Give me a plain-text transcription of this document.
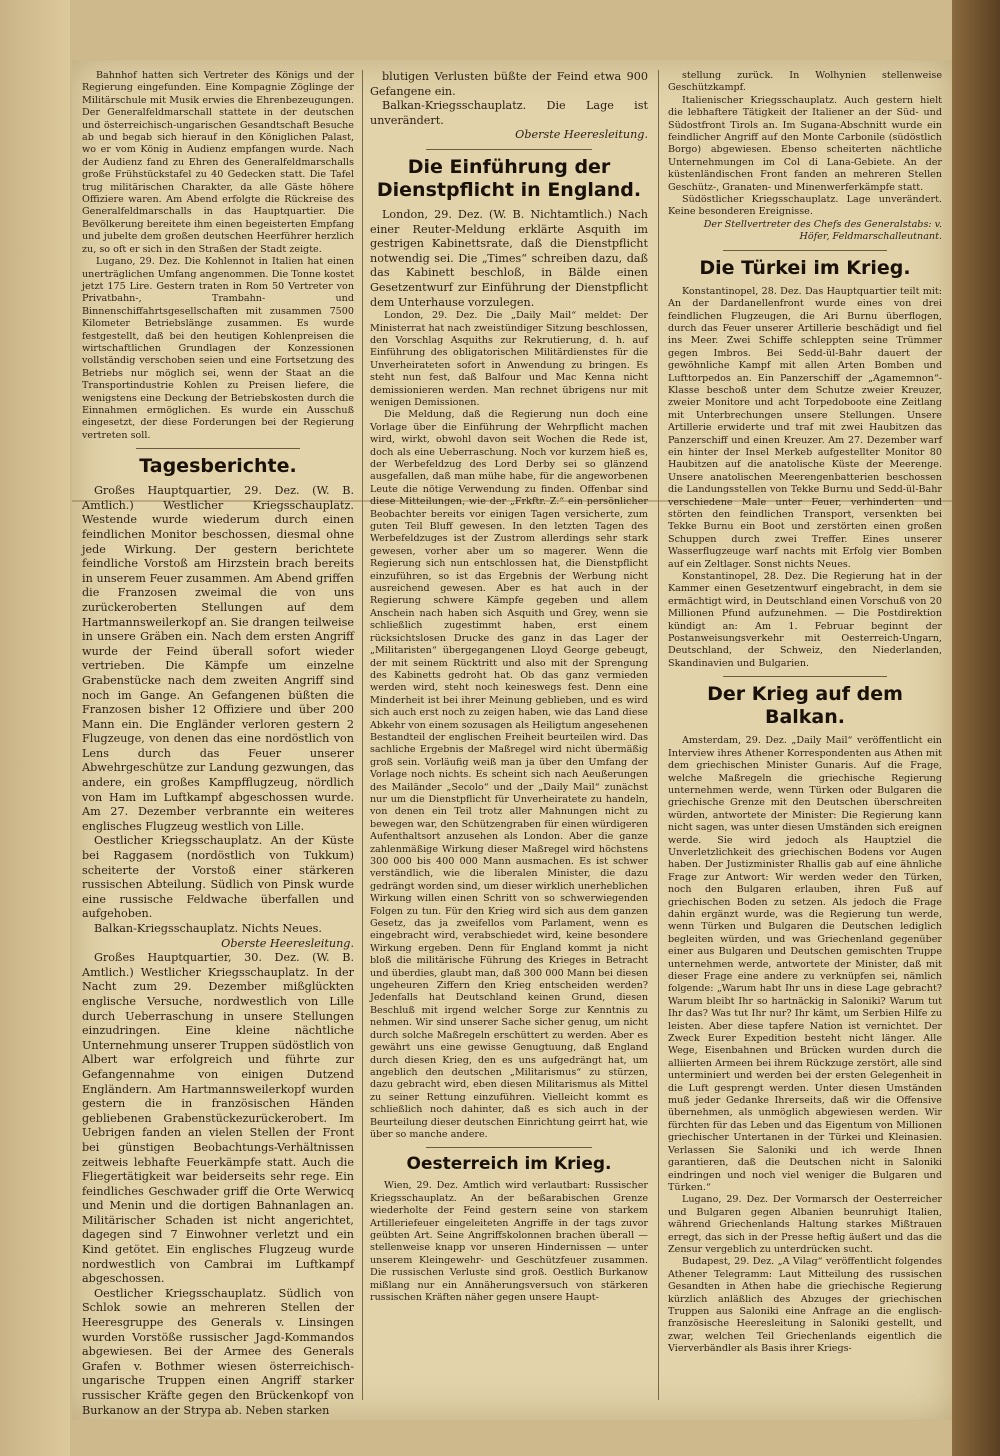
Bahnhof hatten sich Vertreter des Königs und der Regierung eingefunden. Eine Kompagnie Zöglinge der Militärschule mit Musik erwies die Ehrenbezeugungen. Der Generalfeldmarschall stattete in der deutschen und österreichisch-ungarischen Gesandtschaft Besuche ab und begab sich hierauf in den Königlichen Palast, wo er vom König in Audienz empfangen wurde. Nach der Audienz fand zu Ehren des Generalfeldmarschalls große Frühstückstafel zu 40 Gedecken statt. Die Tafel trug militärischen Charakter, da alle Gäste höhere Offiziere waren. Am Abend erfolgte die Rückreise des Generalfeldmarschalls in das Hauptquartier. Die Bevölkerung bereitete ihm einen begeisterten Empfang und jubelte dem großen deutschen Heerführer herzlich zu, so oft er sich in den Straßen der Stadt zeigte.

Lugano, 29. Dez. Die Kohlennot in Italien hat einen unerträglichen Umfang angenommen. Die Tonne kostet jetzt 175 Lire. Gestern traten in Rom 50 Vertreter von Privatbahn-, Trambahn- und Binnenschiffahrtsgesellschaften mit zusammen 7500 Kilometer Betriebslänge zusammen. Es wurde festgestellt, daß bei den heutigen Kohlenpreisen die wirtschaftlichen Grundlagen der Konzessionen vollständig verschoben seien und eine Fortsetzung des Betriebs nur möglich sei, wenn der Staat an die Transportindustrie Kohlen zu Preisen liefere, die wenigstens eine Deckung der Betriebskosten durch die Einnahmen ermöglichen. Es wurde ein Ausschuß eingesetzt, der diese Forderungen bei der Regierung vertreten soll.

Tagesberichte.

Großes Hauptquartier, 29. Dez. (W. B. Amtlich.) Westlicher Kriegsschauplatz. Westende wurde wiederum durch einen feindlichen Monitor beschossen, diesmal ohne jede Wirkung. Der gestern berichtete feindliche Vorstoß am Hirzstein brach bereits in unserem Feuer zusammen. Am Abend griffen die Franzosen zweimal die von uns zurückeroberten Stellungen auf dem Hartmannsweilerkopf an. Sie drangen teilweise in unsere Gräben ein. Nach dem ersten Angriff wurde der Feind überall sofort wieder vertrieben. Die Kämpfe um einzelne Grabenstücke nach dem zweiten Angriff sind noch im Gange. An Gefangenen büßten die Franzosen bisher 12 Offiziere und über 200 Mann ein. Die Engländer verloren gestern 2 Flugzeuge, von denen das eine nordöstlich von Lens durch das Feuer unserer Abwehrgeschütze zur Landung gezwungen, das andere, ein großes Kampfflugzeug, nördlich von Ham im Luftkampf abgeschossen wurde. Am 27. Dezember verbrannte ein weiteres englisches Flugzeug westlich von Lille.

Oestlicher Kriegsschauplatz. An der Küste bei Raggasem (nordöstlich von Tukkum) scheiterte der Vorstoß einer stärkeren russischen Abteilung. Südlich von Pinsk wurde eine russische Feldwache überfallen und aufgehoben.

Balkan-Kriegsschauplatz. Nichts Neues.

Oberste Heeresleitung.

Großes Hauptquartier, 30. Dez. (W. B. Amtlich.) Westlicher Kriegsschauplatz. In der Nacht zum 29. Dezember mißglückten englische Versuche, nordwestlich von Lille durch Ueberraschung in unsere Stellungen einzudringen. Eine kleine nächtliche Unternehmung unserer Truppen südöstlich von Albert war erfolgreich und führte zur Gefangennahme von einigen Dutzend Engländern. Am Hartmannsweilerkopf wurden gestern die in französischen Händen gebliebenen Grabenstückezurückerobert. Im Uebrigen fanden an vielen Stellen der Front bei günstigen Beobachtungs-Verhältnissen zeitweis lebhafte Feuerkämpfe statt. Auch die Fliegertätigkeit war beiderseits sehr rege. Ein feindliches Geschwader griff die Orte Werwicq und Menin und die dortigen Bahnanlagen an. Militärischer Schaden ist nicht angerichtet, dagegen sind 7 Einwohner verletzt und ein Kind getötet. Ein englisches Flugzeug wurde nordwestlich von Cambrai im Luftkampf abgeschossen.

Oestlicher Kriegsschauplatz. Südlich von Schlok sowie an mehreren Stellen der Heeresgruppe des Generals v. Linsingen wurden Vorstöße russischer Jagd-Kommandos abgewiesen. Bei der Armee des Generals Grafen v. Bothmer wiesen österreichisch-ungarische Truppen einen Angriff starker russischer Kräfte gegen den Brückenkopf von Burkanow an der Strypa ab. Neben starken

blutigen Verlusten büßte der Feind etwa 900 Gefangene ein.

Balkan-Kriegsschauplatz. Die Lage ist unverändert.

Oberste Heeresleitung.

Die Einführung der Dienstpflicht in England.

London, 29. Dez. (W. B. Nichtamtlich.) Nach einer Reuter-Meldung erklärte Asquith im gestrigen Kabinettsrate, daß die Dienstpflicht notwendig sei. Die „Times“ schreiben dazu, daß das Kabinett beschloß, in Bälde einen Gesetzentwurf zur Einführung der Dienstpflicht dem Unterhause vorzulegen.

London, 29. Dez. Die „Daily Mail“ meldet: Der Ministerrat hat nach zweistündiger Sitzung beschlossen, den Vorschlag Asquiths zur Rekrutierung, d. h. auf Einführung des obligatorischen Militärdienstes für die Unverheirateten sofort in Anwendung zu bringen. Es steht nun fest, daß Balfour und Mac Kenna nicht demissionieren werden. Man rechnet übrigens nur mit wenigen Demissionen.

Die Meldung, daß die Regierung nun doch eine Vorlage über die Einführung der Wehrpflicht machen wird, wirkt, obwohl davon seit Wochen die Rede ist, doch als eine Ueberraschung. Noch vor kurzem hieß es, der Werbefeldzug des Lord Derby sei so glänzend ausgefallen, daß man mühe habe, für die angeworbenen Leute die nötige Verwendung zu finden. Offenbar sind diese Mitteilungen, wie der „Frkftr. Z.“ ein persönlicher Beobachter bereits vor einigen Tagen versicherte, zum guten Teil Bluff gewesen. In den letzten Tagen des Werbefeldzuges ist der Zustrom allerdings sehr stark gewesen, vorher aber um so magerer. Wenn die Regierung sich nun entschlossen hat, die Dienstpflicht einzuführen, so ist das Ergebnis der Werbung nicht ausreichend gewesen. Aber es hat auch in der Regierung schwere Kämpfe gegeben und allem Anschein nach haben sich Asquith und Grey, wenn sie schließlich zugestimmt haben, erst einem rücksichtslosen Drucke des ganz in das Lager der „Militaristen“ übergegangenen Lloyd George gebeugt, der mit seinem Rücktritt und also mit der Sprengung des Kabinetts gedroht hat. Ob das ganz vermieden werden wird, steht noch keineswegs fest. Denn eine Minderheit ist bei ihrer Meinung geblieben, und es wird sich auch erst noch zu zeigen haben, wie das Land diese Abkehr von einem sozusagen als Heiligtum angesehenen Bestandteil der englischen Freiheit beurteilen wird. Das sachliche Ergebnis der Maßregel wird nicht übermäßig groß sein. Vorläufig weiß man ja über den Umfang der Vorlage noch nichts. Es scheint sich nach Aeußerungen des Mailänder „Secolo“ und der „Daily Mail“ zunächst nur um die Dienstpflicht für Unverheiratete zu handeln, von denen ein Teil trotz aller Mahnungen nicht zu bewegen war, den Schützengraben für einen würdigeren Aufenthaltsort anzusehen als London. Aber die ganze zahlenmäßige Wirkung dieser Maßregel wird höchstens 300 000 bis 400 000 Mann ausmachen. Es ist schwer verständlich, wie die liberalen Minister, die dazu gedrängt worden sind, um dieser wirklich unerheblichen Wirkung willen einen Schritt von so schwerwiegenden Folgen zu tun. Für den Krieg wird sich aus dem ganzen Gesetz, das ja zweifellos vom Parlament, wenn es eingebracht wird, verabschiedet wird, keine besondere Wirkung ergeben. Denn für England kommt ja nicht bloß die militärische Führung des Krieges in Betracht und überdies, glaubt man, daß 300 000 Mann bei diesen ungeheuren Ziffern den Krieg entscheiden werden? Jedenfalls hat Deutschland keinen Grund, diesen Beschluß mit irgend welcher Sorge zur Kenntnis zu nehmen. Wir sind unserer Sache sicher genug, um nicht durch solche Maßregeln erschüttert zu werden. Aber es gewährt uns eine gewisse Genugtuung, daß England durch diesen Krieg, den es uns aufgedrängt hat, um angeblich den deutschen „Militarismus“ zu stürzen, dazu gebracht wird, eben diesen Militarismus als Mittel zu seiner Rettung einzuführen. Vielleicht kommt es schließlich noch dahinter, daß es sich auch in der Beurteilung dieser deutschen Einrichtung geirrt hat, wie über so manche andere.

Oesterreich im Krieg.

Wien, 29. Dez. Amtlich wird verlautbart: Russischer Kriegsschauplatz. An der beßarabischen Grenze wiederholte der Feind gestern seine von starkem Artilleriefeuer eingeleiteten Angriffe in der tags zuvor geübten Art. Seine Angriffskolonnen brachen überall — stellenweise knapp vor unseren Hindernissen — unter unserem Kleingewehr- und Geschützfeuer zusammen. Die russischen Verluste sind groß. Oestlich Burkanow mißlang nur ein Annäherungsversuch von stärkeren russischen Kräften näher gegen unsere Haupt-

stellung zurück. In Wolhynien stellenweise Geschützkampf.

Italienischer Kriegsschauplatz. Auch gestern hielt die lebhaftere Tätigkeit der Italiener an der Süd- und Südostfront Tirols an. Im Sugana-Abschnitt wurde ein feindlicher Angriff auf den Monte Carbonile (südöstlich Borgo) abgewiesen. Ebenso scheiterten nächtliche Unternehmungen im Col di Lana-Gebiete. An der küstenländischen Front fanden an mehreren Stellen Geschütz-, Granaten- und Minenwerferkämpfe statt.

Südöstlicher Kriegsschauplatz. Lage unverändert. Keine besonderen Ereignisse.

Der Stellvertreter des Chefs des Generalstabs: v. Höfer, Feldmarschalleutnant.

Die Türkei im Krieg.

Konstantinopel, 28. Dez. Das Hauptquartier teilt mit: An der Dardanellenfront wurde eines von drei feindlichen Flugzeugen, die Ari Burnu überflogen, durch das Feuer unserer Artillerie beschädigt und fiel ins Meer. Zwei Schiffe schleppten seine Trümmer gegen Imbros. Bei Sedd-ül-Bahr dauert der gewöhnliche Kampf mit allen Arten Bomben und Lufttorpedos an. Ein Panzerschiff der „Agamemnon“-Klasse beschoß unter dem Schutze zweier Kreuzer, zweier Monitore und acht Torpedoboote eine Zeitlang mit Unterbrechungen unsere Stellungen. Unsere Artillerie erwiderte und traf mit zwei Haubitzen das Panzerschiff und einen Kreuzer. Am 27. Dezember warf ein hinter der Insel Merkeb aufgestellter Monitor 80 Haubitzen auf die anatolische Küste der Meerenge. Unsere anatolischen Meerengenbatterien beschossen die Landungsstellen von Tekke Burnu und Sedd-ül-Bahr verschiedene Male unter Feuer, verhinderten und störten den feindlichen Transport, versenkten bei Tekke Burnu ein Boot und zerstörten einen großen Schuppen durch zwei Treffer. Eines unserer Wasserflugzeuge warf nachts mit Erfolg vier Bomben auf ein Zeltlager. Sonst nichts Neues.

Konstantinopel, 28. Dez. Die Regierung hat in der Kammer einen Gesetzentwurf eingebracht, in dem sie ermächtigt wird, in Deutschland einen Vorschuß von 20 Millionen Pfund aufzunehmen. — Die Postdirektion kündigt an: Am 1. Februar beginnt der Postanweisungsverkehr mit Oesterreich-Ungarn, Deutschland, der Schweiz, den Niederlanden, Skandinavien und Bulgarien.

Der Krieg auf dem Balkan.

Amsterdam, 29. Dez. „Daily Mail“ veröffentlicht ein Interview ihres Athener Korrespondenten aus Athen mit dem griechischen Minister Gunaris. Auf die Frage, welche Maßregeln die griechische Regierung unternehmen werde, wenn Türken oder Bulgaren die griechische Grenze mit den Deutschen überschreiten würden, antwortete der Minister: Die Regierung kann nicht sagen, was unter diesen Umständen sich ereignen werde. Sie wird jedoch als Hauptziel die Unverletzlichkeit des griechischen Bodens vor Augen haben. Der Justizminister Rhallis gab auf eine ähnliche Frage zur Antwort: Wir werden weder den Türken, noch den Bulgaren erlauben, ihren Fuß auf griechischen Boden zu setzen. Als jedoch die Frage dahin ergänzt wurde, was die Regierung tun werde, wenn Türken und Bulgaren die Deutschen lediglich begleiten würden, und was Griechenland gegenüber einer aus Bulgaren und Deutschen gemischten Truppe unternehmen werde, antwortete der Minister, daß mit dieser Frage eine andere zu verknüpfen sei, nämlich folgende: „Warum habt Ihr uns in diese Lage gebracht? Warum bleibt Ihr so hartnäckig in Saloniki? Warum tut Ihr das? Was tut Ihr nur? Ihr kämt, um Serbien Hilfe zu leisten. Aber diese tapfere Nation ist vernichtet. Der Zweck Eurer Expedition besteht nicht länger. Alle Wege, Eisenbahnen und Brücken wurden durch die alliierten Armeen bei ihrem Rückzuge zerstört, alle sind unterminiert und werden bei der ersten Gelegenheit in die Luft gesprengt werden. Unter diesen Umständen muß jeder Gedanke Ihrerseits, daß wir die Offensive übernehmen, als unmöglich abgewiesen werden. Wir fürchten für das Leben und das Eigentum von Millionen griechischer Untertanen in der Türkei und Kleinasien. Verlassen Sie Saloniki und ich werde Ihnen garantieren, daß die Deutschen nicht in Saloniki eindringen und noch viel weniger die Bulgaren und Türken.“

Lugano, 29. Dez. Der Vormarsch der Oesterreicher und Bulgaren gegen Albanien beunruhigt Italien, während Griechenlands Haltung starkes Mißtrauen erregt, das sich in der Presse heftig äußert und das die Zensur vergeblich zu unterdrücken sucht.

Budapest, 29. Dez. „A Vilag“ veröffentlicht folgendes Athener Telegramm: Laut Mitteilung des russischen Gesandten in Athen habe die griechische Regierung kürzlich anläßlich des Abzuges der griechischen Truppen aus Saloniki eine Anfrage an die englisch-französische Heeresleitung in Saloniki gestellt, und zwar, welchen Teil Griechenlands eigentlich die Vierverbändler als Basis ihrer Kriegs-
